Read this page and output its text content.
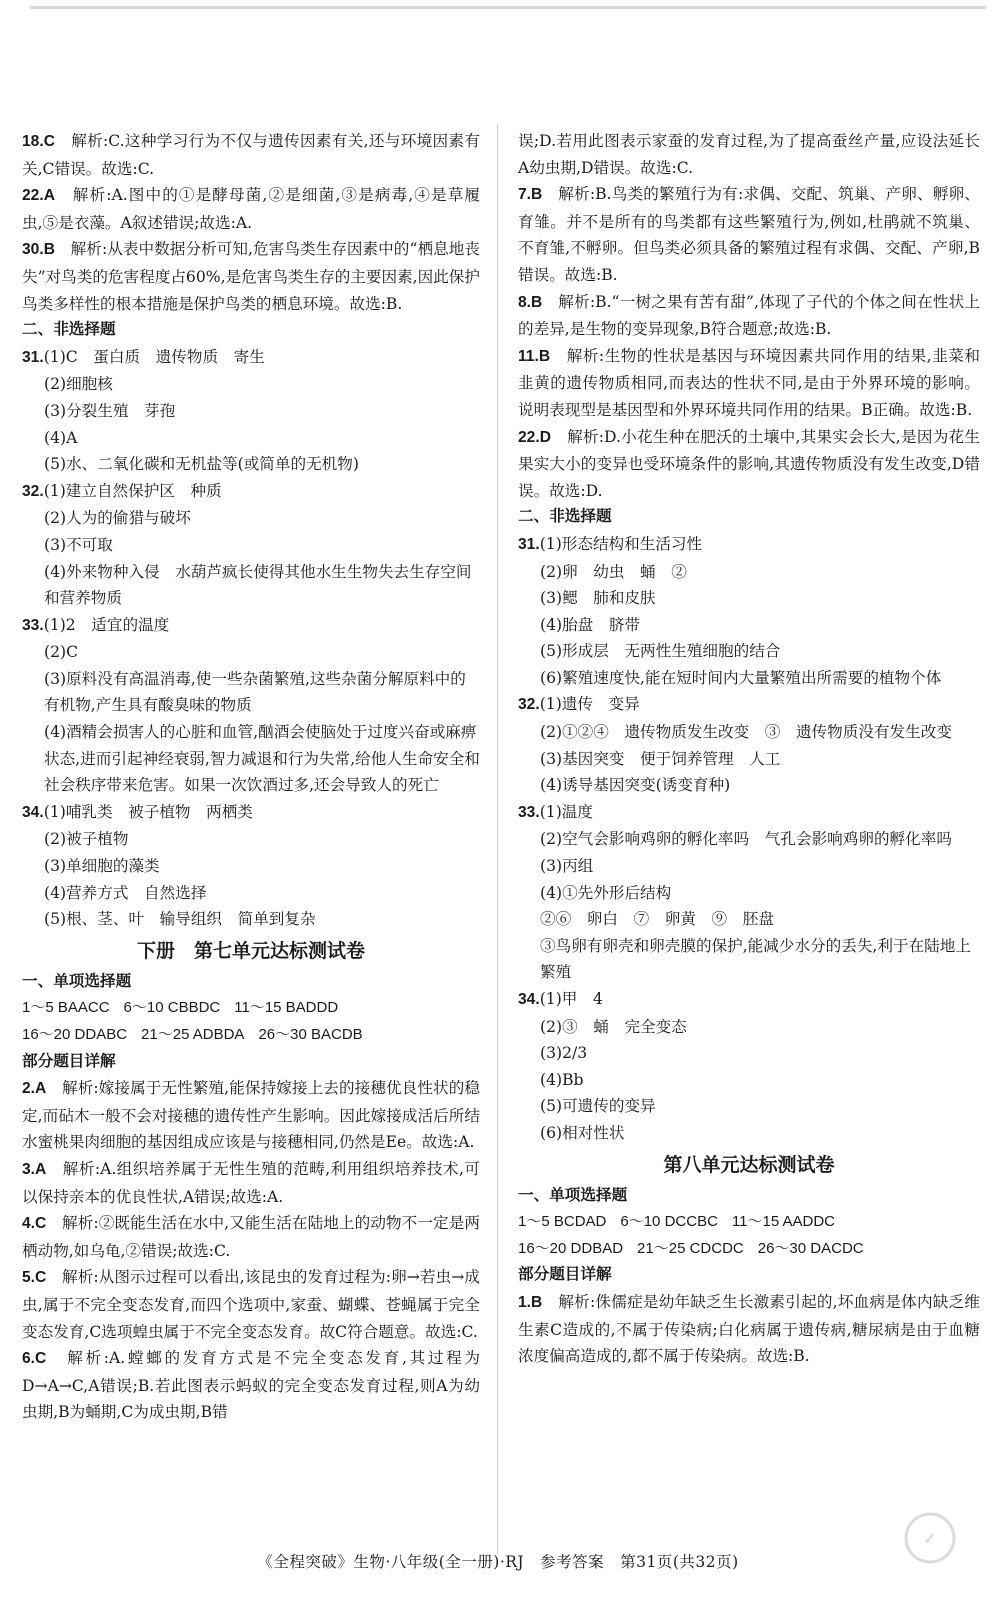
18.C　 解析:C.这种学习行为不仅与遗传因素有关,还与环境因素有关,C错误。故选:C.

22.A　 解析:A.图中的①是酵母菌,②是细菌,③是病毒,④是草履虫,⑤是衣藻。A叙述错误;故选:A.

30.B　 解析:从表中数据分析可知,危害鸟类生存因素中的“栖息地丧失”对鸟类的危害程度占60%,是危害鸟类生存的主要因素,因此保护鸟类多样性的根本措施是保护鸟类的栖息环境。故选:B.

二、非选择题

31.(1)C　蛋白质　遗传物质　寄生

(2)细胞核

(3)分裂生殖　芽孢

(4)A

(5)水、二氧化碳和无机盐等(或简单的无机物)

32.(1)建立自然保护区　种质

(2)人为的偷猎与破坏

(3)不可取

(4)外来物种入侵　水葫芦疯长使得其他水生生物失去生存空间和营养物质

33.(1)2　适宜的温度

(2)C

(3)原料没有高温消毒,使一些杂菌繁殖,这些杂菌分解原料中的有机物,产生具有酸臭味的物质

(4)酒精会损害人的心脏和血管,酗酒会使脑处于过度兴奋或麻痹状态,进而引起神经衰弱,智力减退和行为失常,给他人生命安全和社会秩序带来危害。如果一次饮酒过多,还会导致人的死亡

34.(1)哺乳类　被子植物　两栖类

(2)被子植物

(3)单细胞的藻类

(4)营养方式　自然选择

(5)根、茎、叶　输导组织　简单到复杂

下册　第七单元达标测试卷

一、单项选择题

1～5 BAACC 6～10 CBBDC 11～15 BADDD

16～20 DDABC 21～25 ADBDA 26～30 BACDB

部分题目详解

2.A　 解析:嫁接属于无性繁殖,能保持嫁接上去的接穗优良性状的稳定,而砧木一般不会对接穗的遗传性产生影响。因此嫁接成活后所结水蜜桃果肉细胞的基因组成应该是与接穗相同,仍然是Ee。故选:A.

3.A　 解析:A.组织培养属于无性生殖的范畴,利用组织培养技术,可以保持亲本的优良性状,A错误;故选:A.

4.C　 解析:②既能生活在水中,又能生活在陆地上的动物不一定是两栖动物,如乌龟,②错误;故选:C.

5.C　 解析:从图示过程可以看出,该昆虫的发育过程为:卵→若虫→成虫,属于不完全变态发育,而四个选项中,家蚕、蝴蝶、苍蝇属于完全变态发育,C选项蝗虫属于不完全变态发育。故C符合题意。故选:C.

6.C　 解析:A.螳螂的发育方式是不完全变态发育,其过程为D→A→C,A错误;B.若此图表示蚂蚁的完全变态发育过程,则A为幼虫期,B为蛹期,C为成虫期,B错

误;D.若用此图表示家蚕的发育过程,为了提高蚕丝产量,应设法延长A幼虫期,D错误。故选:C.

7.B　 解析:B.鸟类的繁殖行为有:求偶、交配、筑巢、产卵、孵卵、育雏。并不是所有的鸟类都有这些繁殖行为,例如,杜鹃就不筑巢、不育雏,不孵卵。但鸟类必须具备的繁殖过程有求偶、交配、产卵,B错误。故选:B.

8.B　 解析:B.“一树之果有苦有甜”,体现了子代的个体之间在性状上的差异,是生物的变异现象,B符合题意;故选:B.

11.B　 解析:生物的性状是基因与环境因素共同作用的结果,韭菜和韭黄的遗传物质相同,而表达的性状不同,是由于外界环境的影响。说明表现型是基因型和外界环境共同作用的结果。B正确。故选:B.

22.D　 解析:D.小花生种在肥沃的土壤中,其果实会长大,是因为花生果实大小的变异也受环境条件的影响,其遗传物质没有发生改变,D错误。故选:D.

二、非选择题

31.(1)形态结构和生活习性

(2)卵　幼虫　蛹　②

(3)鳃　肺和皮肤

(4)胎盘　脐带

(5)形成层　无两性生殖细胞的结合

(6)繁殖速度快,能在短时间内大量繁殖出所需要的植物个体

32.(1)遗传　变异

(2)①②④　遗传物质发生改变　③　遗传物质没有发生改变

(3)基因突变　便于饲养管理　人工

(4)诱导基因突变(诱变育种)

33.(1)温度

(2)空气会影响鸡卵的孵化率吗　气孔会影响鸡卵的孵化率吗

(3)丙组

(4)①先外形后结构

②⑥　卵白　⑦　卵黄　⑨　胚盘

③鸟卵有卵壳和卵壳膜的保护,能减少水分的丢失,利于在陆地上繁殖

34.(1)甲　4

(2)③　蛹　完全变态

(3)2/3

(4)Bb

(5)可遗传的变异

(6)相对性状

第八单元达标测试卷

一、单项选择题

1～5 BCDAD 6～10 DCCBC 11～15 AADDC

16～20 DDBAD 21～25 CDCDC 26～30 DACDC

部分题目详解

1.B　 解析:侏儒症是幼年缺乏生长激素引起的,坏血病是体内缺乏维生素C造成的,不属于传染病;白化病属于遗传病,糖尿病是由于血糖浓度偏高造成的,都不属于传染病。故选:B.

《全程突破》生物·八年级(全一册)·RJ　参考答案　第31页(共32页)
✓
